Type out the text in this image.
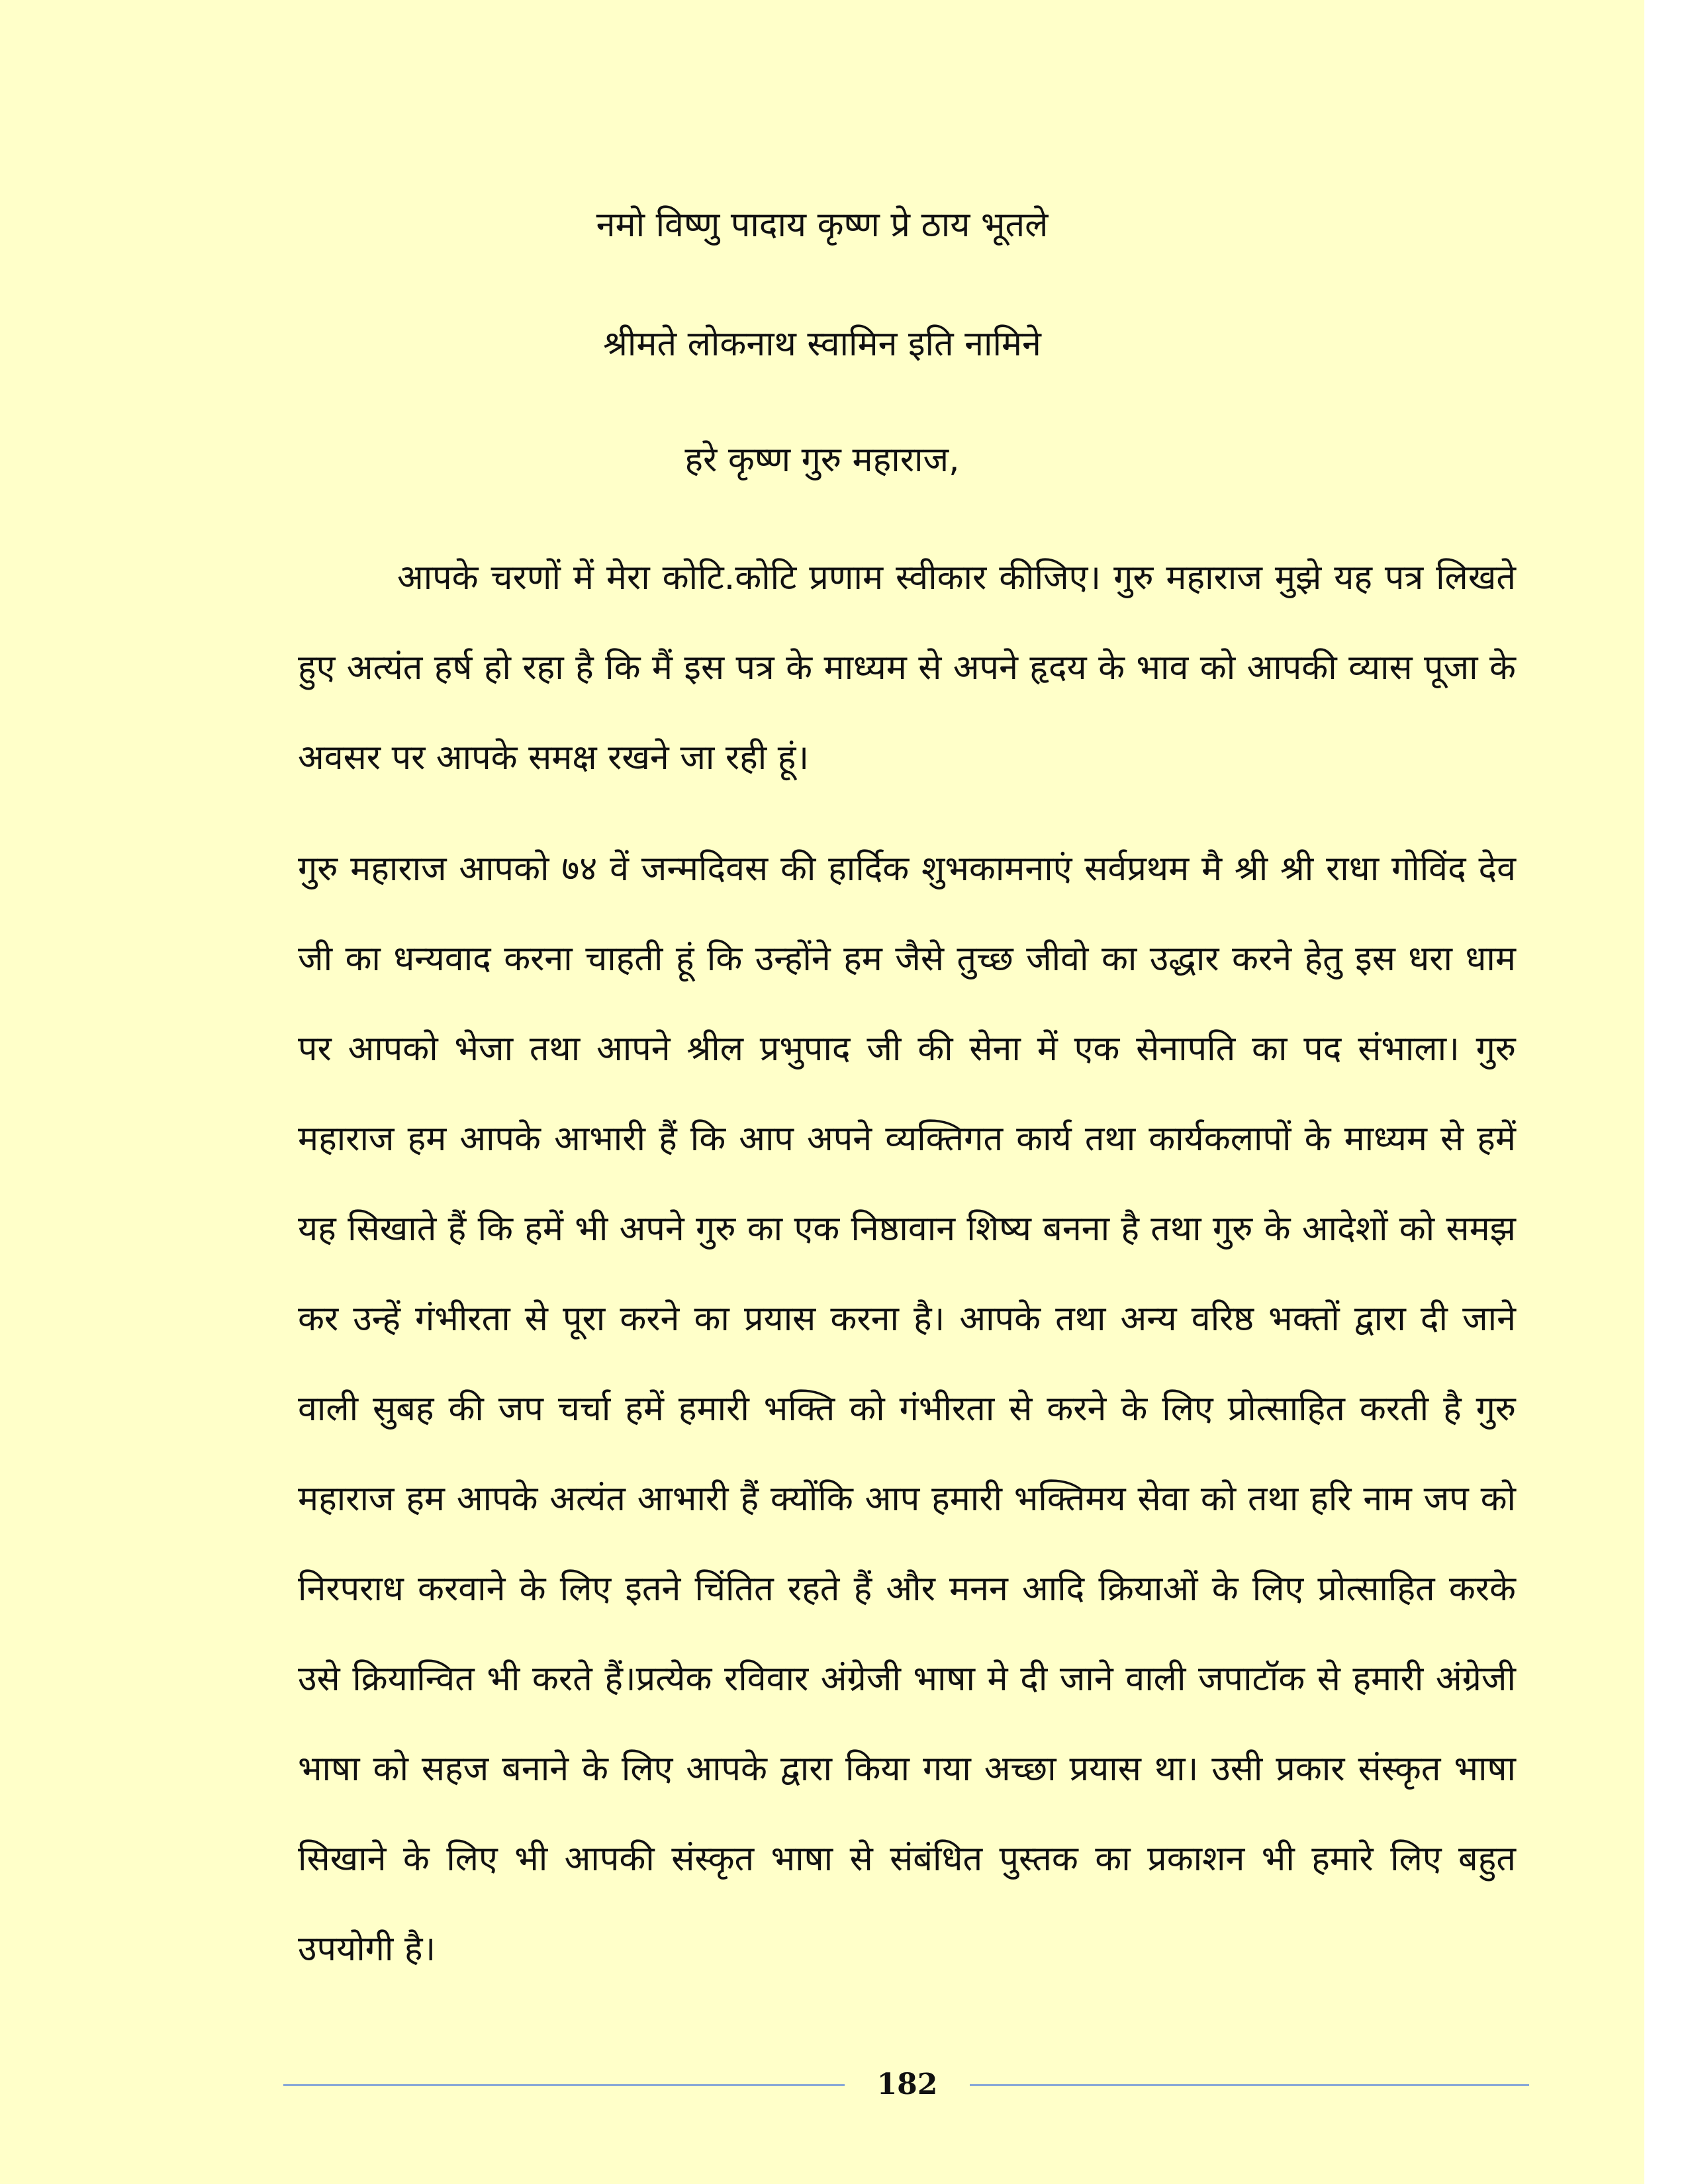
नमो विष्णु पादाय कृष्ण प्रे ठाय भूतले

श्रीमते लोकनाथ स्वामिन इति नामिने

हरे कृष्ण गुरु महाराज,

आपके चरणों में मेरा कोटि.कोटि प्रणाम स्वीकार कीजिए। गुरु महाराज मुझे यह पत्र लिखते हुए अत्यंत हर्ष हो रहा है कि मैं इस पत्र के माध्यम से अपने हृदय के भाव को आपकी व्यास पूजा के अवसर पर आपके समक्ष रखने जा रही हूं।

गुरु महाराज आपको ७४ वें जन्मदिवस की हार्दिक शुभकामनाएं सर्वप्रथम मै श्री श्री राधा गोविंद देव जी का धन्यवाद करना चाहती हूं कि उन्होंने हम जैसे तुच्छ जीवो का उद्धार करने हेतु इस धरा धाम पर आपको भेजा तथा आपने श्रील प्रभुपाद जी की सेना में एक सेनापति का पद संभाला। गुरु महाराज हम आपके आभारी हैं कि आप अपने व्यक्तिगत कार्य तथा कार्यकलापों के माध्यम से हमें यह सिखाते हैं कि हमें भी अपने गुरु का एक निष्ठावान शिष्य बनना है तथा गुरु के आदेशों को समझ कर उन्हें गंभीरता से पूरा करने का प्रयास करना है। आपके तथा अन्य वरिष्ठ भक्तों द्वारा दी जाने वाली सुबह की जप चर्चा हमें हमारी भक्ति को गंभीरता से करने के लिए प्रोत्साहित करती है गुरु महाराज हम आपके अत्यंत आभारी हैं क्योंकि आप हमारी भक्तिमय सेवा को तथा हरि नाम जप को निरपराध करवाने के लिए इतने चिंतित रहते हैं और मनन आदि क्रियाओं के लिए प्रोत्साहित करके उसे क्रियान्वित भी करते हैं।प्रत्येक रविवार अंग्रेजी भाषा मे दी जाने वाली जपाटॉक से हमारी अंग्रेजी भाषा को सहज बनाने के लिए आपके द्वारा किया गया अच्छा प्रयास था। उसी प्रकार संस्कृत भाषा सिखाने के लिए भी आपकी संस्कृत भाषा से संबंधित पुस्तक का प्रकाशन भी हमारे लिए बहुत उपयोगी है।

182
